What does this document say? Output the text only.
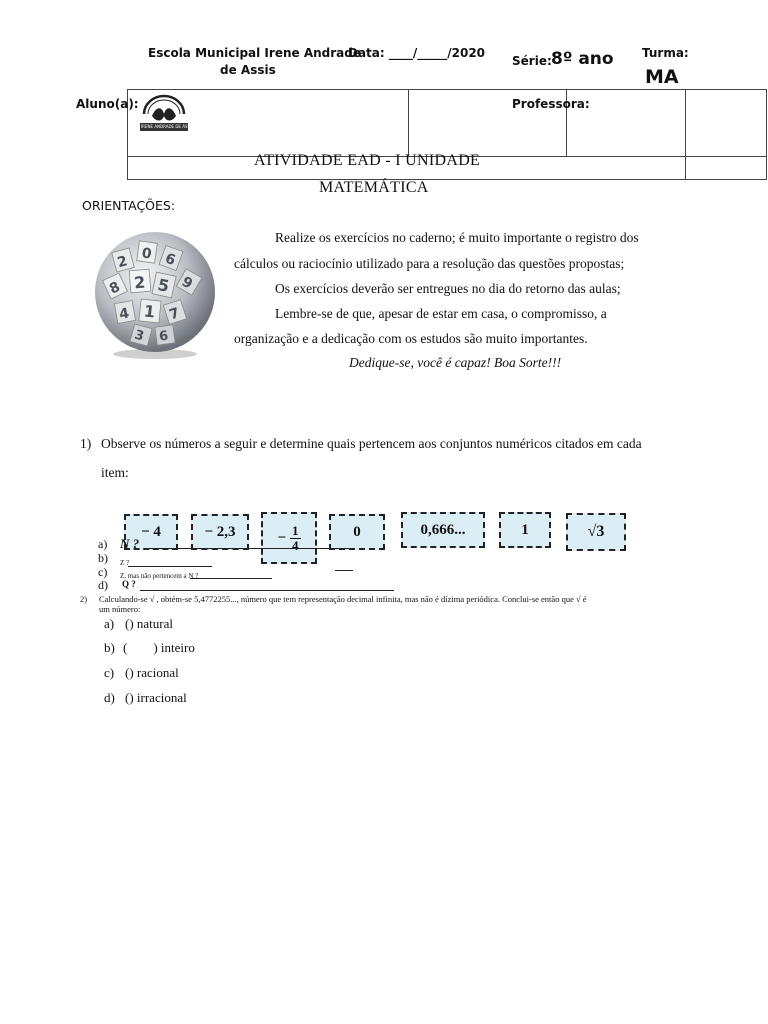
Escola Municipal Irene Andrade
de Assis
Data: ____/_____/2020
Série: 8º ano Turma:
MA

Aluno(a):	Professora:
IRENE ANDRADE DE ASSIS
ATIVIDADE EAD - I UNIDADE
MATEMÁTICA
ORIENTAÇÕES:
2 0 6
8 2 5 9
4 1 7
3 6
Realize os exercícios no caderno; é muito importante o registro dos
cálculos ou raciocínio utilizado para a resolução das questões propostas;
Os exercícios deverão ser entregues no dia do retorno das aulas;
Lembre-se de que, apesar de estar em casa, o compromisso, a
organização e a dedicação com os estudos são muito importantes.
Dedique-se, você é capaz! Boa Sorte!!!
1) Observe os números a seguir e determine quais pertencem aos conjuntos numéricos citados em cada
item:
− 4	− 2,3	− $\frac{1}{4}$	0	0,666...	1	√3
a) N ?
b) Z ?
c) Z, mas não pertencem a N ?
d) Q ?
2) Calculando-se √ , obtém-se 5,4772255..., número que tem representação decimal infinita, mas não é dízima periódica. Conclui-se então que √ é
um número:
a) () natural
b) (        ) inteiro
c) () racional
d) () irracional
